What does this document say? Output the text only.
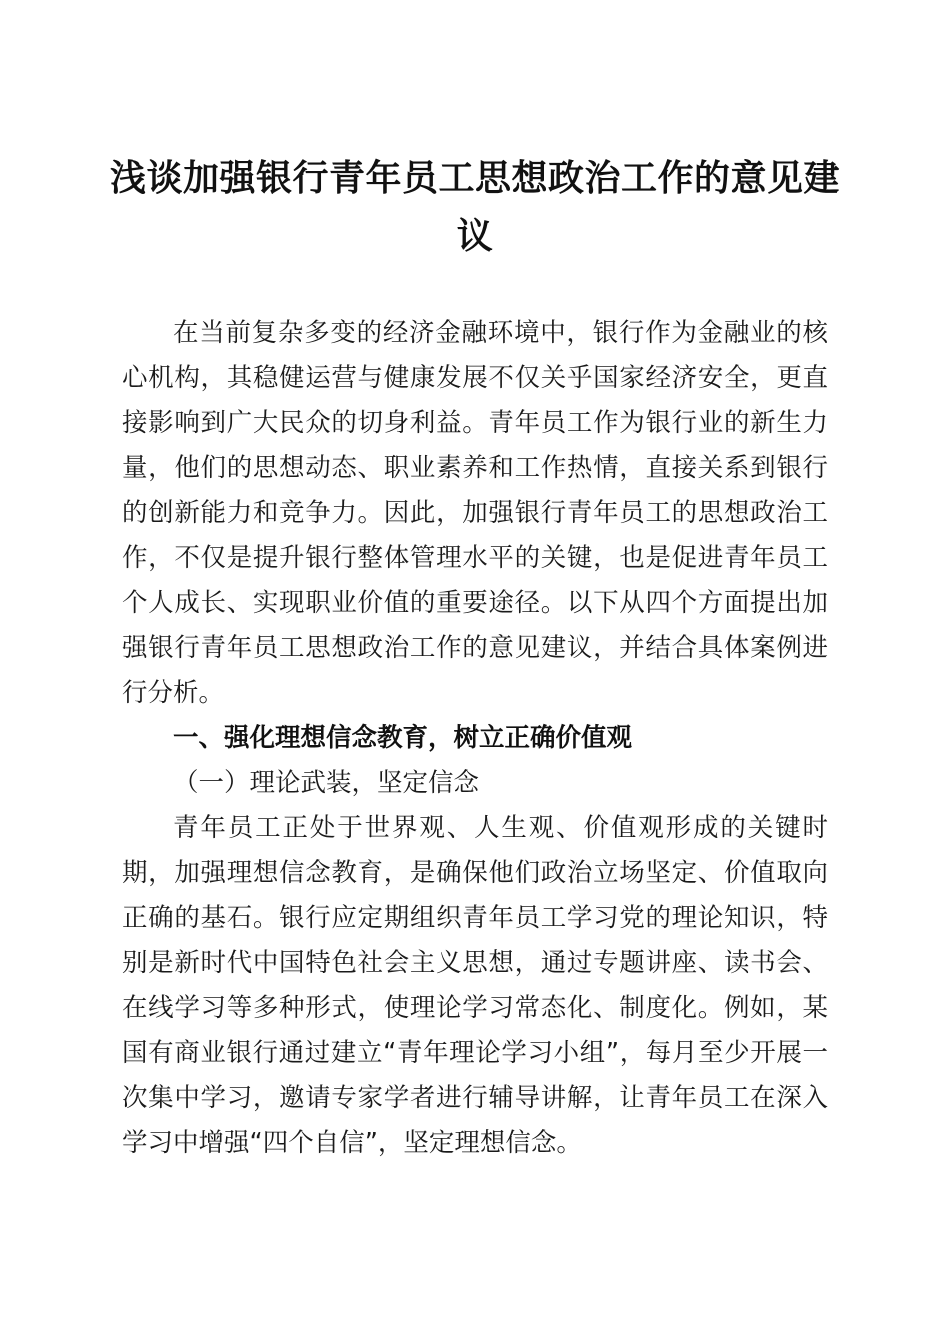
浅谈加强银行青年员工思想政治工作的意见建议

在当前复杂多变的经济金融环境中，银行作为金融业的核心机构，其稳健运营与健康发展不仅关乎国家经济安全，更直接影响到广大民众的切身利益。青年员工作为银行业的新生力量，他们的思想动态、职业素养和工作热情，直接关系到银行的创新能力和竞争力。因此，加强银行青年员工的思想政治工作，不仅是提升银行整体管理水平的关键，也是促进青年员工个人成长、实现职业价值的重要途径。以下从四个方面提出加强银行青年员工思想政治工作的意见建议，并结合具体案例进行分析。

一、强化理想信念教育，树立正确价值观

（一）理论武装，坚定信念

青年员工正处于世界观、人生观、价值观形成的关键时期，加强理想信念教育，是确保他们政治立场坚定、价值取向正确的基石。银行应定期组织青年员工学习党的理论知识，特别是新时代中国特色社会主义思想，通过专题讲座、读书会、在线学习等多种形式，使理论学习常态化、制度化。例如，某国有商业银行通过建立“青年理论学习小组”，每月至少开展一次集中学习，邀请专家学者进行辅导讲解，让青年员工在深入学习中增强“四个自信”，坚定理想信念。
